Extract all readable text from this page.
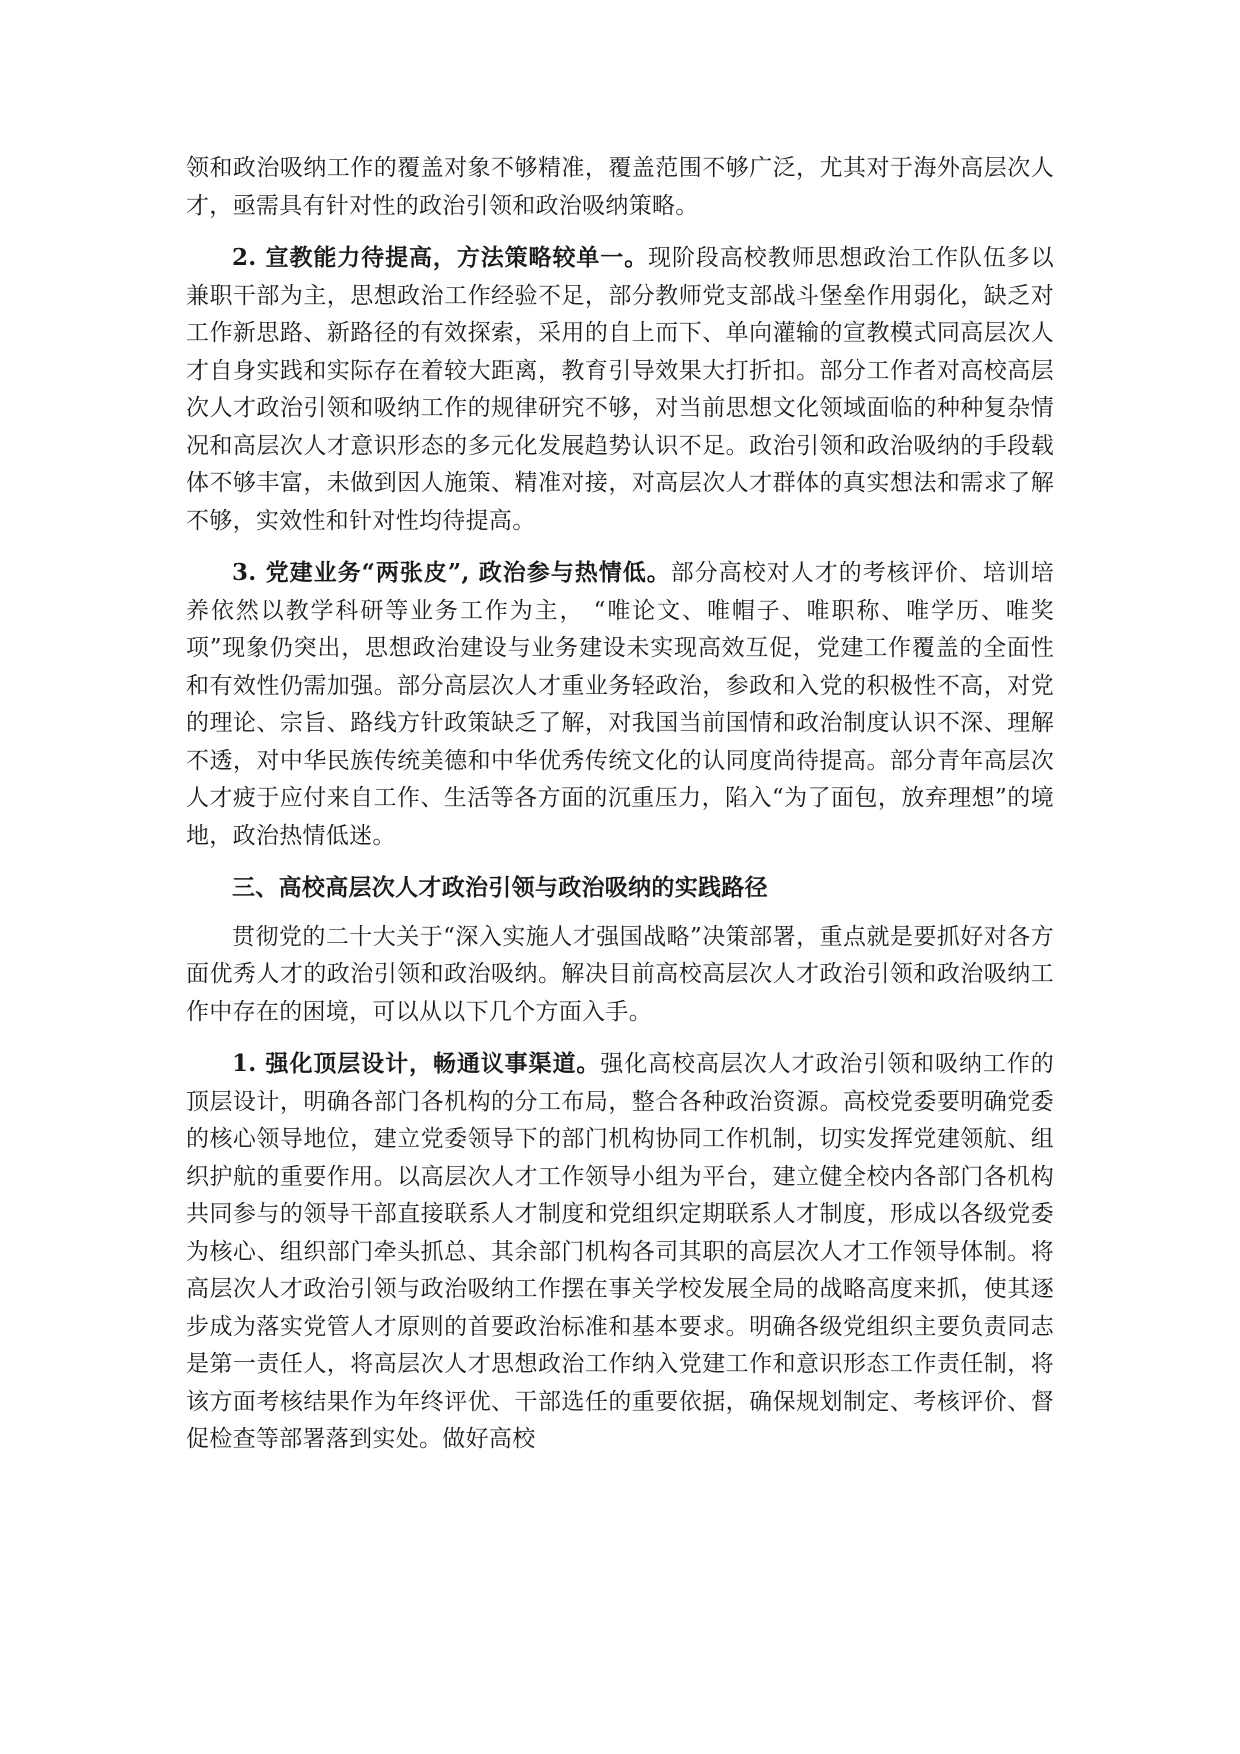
领和政治吸纳工作的覆盖对象不够精准，覆盖范围不够广泛，尤其对于海外高层次人才，亟需具有针对性的政治引领和政治吸纳策略。

2. 宣教能力待提高，方法策略较单一。现阶段高校教师思想政治工作队伍多以兼职干部为主，思想政治工作经验不足，部分教师党支部战斗堡垒作用弱化，缺乏对工作新思路、新路径的有效探索，采用的自上而下、单向灌输的宣教模式同高层次人才自身实践和实际存在着较大距离，教育引导效果大打折扣。部分工作者对高校高层次人才政治引领和吸纳工作的规律研究不够，对当前思想文化领域面临的种种复杂情况和高层次人才意识形态的多元化发展趋势认识不足。政治引领和政治吸纳的手段载体不够丰富，未做到因人施策、精准对接，对高层次人才群体的真实想法和需求了解不够，实效性和针对性均待提高。

3. 党建业务“两张皮”, 政治参与热情低。部分高校对人才的考核评价、培训培养依然以教学科研等业务工作为主， “唯论文、唯帽子、唯职称、唯学历、唯奖项”现象仍突出，思想政治建设与业务建设未实现高效互促，党建工作覆盖的全面性和有效性仍需加强。部分高层次人才重业务轻政治，参政和入党的积极性不高，对党的理论、宗旨、路线方针政策缺乏了解，对我国当前国情和政治制度认识不深、理解不透，对中华民族传统美德和中华优秀传统文化的认同度尚待提高。部分青年高层次人才疲于应付来自工作、生活等各方面的沉重压力，陷入“为了面包，放弃理想”的境地，政治热情低迷。

三、高校高层次人才政治引领与政治吸纳的实践路径

贯彻党的二十大关于“深入实施人才强国战略”决策部署，重点就是要抓好对各方面优秀人才的政治引领和政治吸纳。解决目前高校高层次人才政治引领和政治吸纳工作中存在的困境，可以从以下几个方面入手。

1. 强化顶层设计，畅通议事渠道。强化高校高层次人才政治引领和吸纳工作的顶层设计，明确各部门各机构的分工布局，整合各种政治资源。高校党委要明确党委的核心领导地位，建立党委领导下的部门机构协同工作机制，切实发挥党建领航、组织护航的重要作用。以高层次人才工作领导小组为平台，建立健全校内各部门各机构共同参与的领导干部直接联系人才制度和党组织定期联系人才制度，形成以各级党委为核心、组织部门牵头抓总、其余部门机构各司其职的高层次人才工作领导体制。将高层次人才政治引领与政治吸纳工作摆在事关学校发展全局的战略高度来抓，使其逐步成为落实党管人才原则的首要政治标准和基本要求。明确各级党组织主要负责同志是第一责任人，将高层次人才思想政治工作纳入党建工作和意识形态工作责任制，将该方面考核结果作为年终评优、干部选任的重要依据，确保规划制定、考核评价、督促检查等部署落到实处。做好高校
